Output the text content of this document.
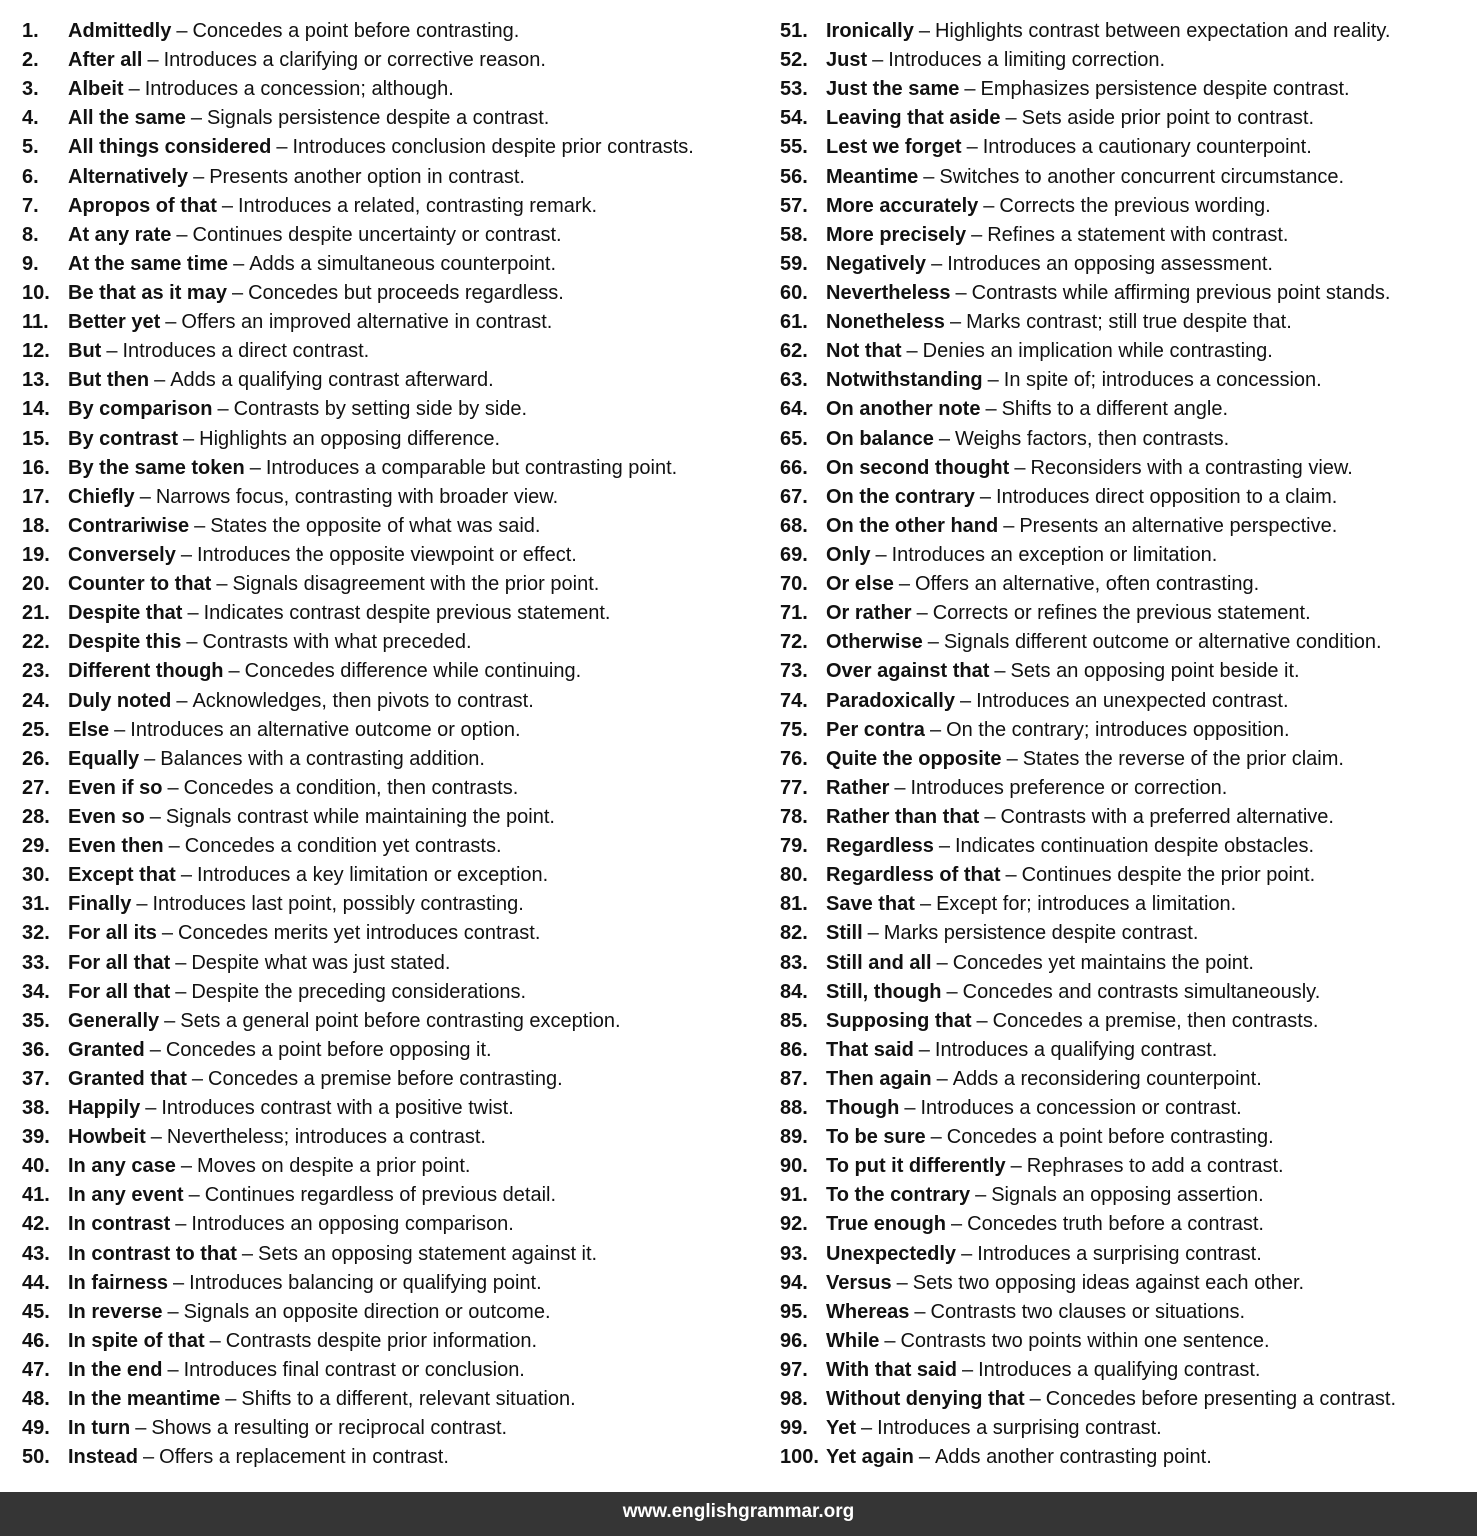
1.	Admittedly – Concedes a point before contrasting.
2.	After all – Introduces a clarifying or corrective reason.
3.	Albeit – Introduces a concession; although.
4.	All the same – Signals persistence despite a contrast.
5.	All things considered – Introduces conclusion despite prior contrasts.
6.	Alternatively – Presents another option in contrast.
7.	Apropos of that – Introduces a related, contrasting remark.
8.	At any rate – Continues despite uncertainty or contrast.
9.	At the same time – Adds a simultaneous counterpoint.
10. Be that as it may – Concedes but proceeds regardless.
11. Better yet – Offers an improved alternative in contrast.
12. But – Introduces a direct contrast.
13. But then – Adds a qualifying contrast afterward.
14. By comparison – Contrasts by setting side by side.
15. By contrast – Highlights an opposing difference.
16. By the same token – Introduces a comparable but contrasting point.
17. Chiefly – Narrows focus, contrasting with broader view.
18. Contrariwise – States the opposite of what was said.
19. Conversely – Introduces the opposite viewpoint or effect.
20. Counter to that – Signals disagreement with the prior point.
21. Despite that – Indicates contrast despite previous statement.
22. Despite this – Contrasts with what preceded.
23. Different though – Concedes difference while continuing.
24. Duly noted – Acknowledges, then pivots to contrast.
25. Else – Introduces an alternative outcome or option.
26. Equally – Balances with a contrasting addition.
27. Even if so – Concedes a condition, then contrasts.
28. Even so – Signals contrast while maintaining the point.
29. Even then – Concedes a condition yet contrasts.
30. Except that – Introduces a key limitation or exception.
31. Finally – Introduces last point, possibly contrasting.
32. For all its – Concedes merits yet introduces contrast.
33. For all that – Despite what was just stated.
34. For all that – Despite the preceding considerations.
35. Generally – Sets a general point before contrasting exception.
36. Granted – Concedes a point before opposing it.
37. Granted that – Concedes a premise before contrasting.
38. Happily – Introduces contrast with a positive twist.
39. Howbeit – Nevertheless; introduces a contrast.
40. In any case – Moves on despite a prior point.
41. In any event – Continues regardless of previous detail.
42. In contrast – Introduces an opposing comparison.
43. In contrast to that – Sets an opposing statement against it.
44. In fairness – Introduces balancing or qualifying point.
45. In reverse – Signals an opposite direction or outcome.
46. In spite of that – Contrasts despite prior information.
47. In the end – Introduces final contrast or conclusion.
48. In the meantime – Shifts to a different, relevant situation.
49. In turn – Shows a resulting or reciprocal contrast.
50. Instead – Offers a replacement in contrast.
51. Ironically – Highlights contrast between expectation and reality.
52. Just – Introduces a limiting correction.
53. Just the same – Emphasizes persistence despite contrast.
54. Leaving that aside – Sets aside prior point to contrast.
55. Lest we forget – Introduces a cautionary counterpoint.
56. Meantime – Switches to another concurrent circumstance.
57. More accurately – Corrects the previous wording.
58. More precisely – Refines a statement with contrast.
59. Negatively – Introduces an opposing assessment.
60. Nevertheless – Contrasts while affirming previous point stands.
61. Nonetheless – Marks contrast; still true despite that.
62. Not that – Denies an implication while contrasting.
63. Notwithstanding – In spite of; introduces a concession.
64. On another note – Shifts to a different angle.
65. On balance – Weighs factors, then contrasts.
66. On second thought – Reconsiders with a contrasting view.
67. On the contrary – Introduces direct opposition to a claim.
68. On the other hand – Presents an alternative perspective.
69. Only – Introduces an exception or limitation.
70. Or else – Offers an alternative, often contrasting.
71. Or rather – Corrects or refines the previous statement.
72. Otherwise – Signals different outcome or alternative condition.
73. Over against that – Sets an opposing point beside it.
74. Paradoxically – Introduces an unexpected contrast.
75. Per contra – On the contrary; introduces opposition.
76. Quite the opposite – States the reverse of the prior claim.
77. Rather – Introduces preference or correction.
78. Rather than that – Contrasts with a preferred alternative.
79. Regardless – Indicates continuation despite obstacles.
80. Regardless of that – Continues despite the prior point.
81. Save that – Except for; introduces a limitation.
82. Still – Marks persistence despite contrast.
83. Still and all – Concedes yet maintains the point.
84. Still, though – Concedes and contrasts simultaneously.
85. Supposing that – Concedes a premise, then contrasts.
86. That said – Introduces a qualifying contrast.
87. Then again – Adds a reconsidering counterpoint.
88. Though – Introduces a concession or contrast.
89. To be sure – Concedes a point before contrasting.
90. To put it differently – Rephrases to add a contrast.
91. To the contrary – Signals an opposing assertion.
92. True enough – Concedes truth before a contrast.
93. Unexpectedly – Introduces a surprising contrast.
94. Versus – Sets two opposing ideas against each other.
95. Whereas – Contrasts two clauses or situations.
96. While – Contrasts two points within one sentence.
97. With that said – Introduces a qualifying contrast.
98. Without denying that – Concedes before presenting a contrast.
99. Yet – Introduces a surprising contrast.
100. Yet again – Adds another contrasting point.
www.englishgrammar.org
